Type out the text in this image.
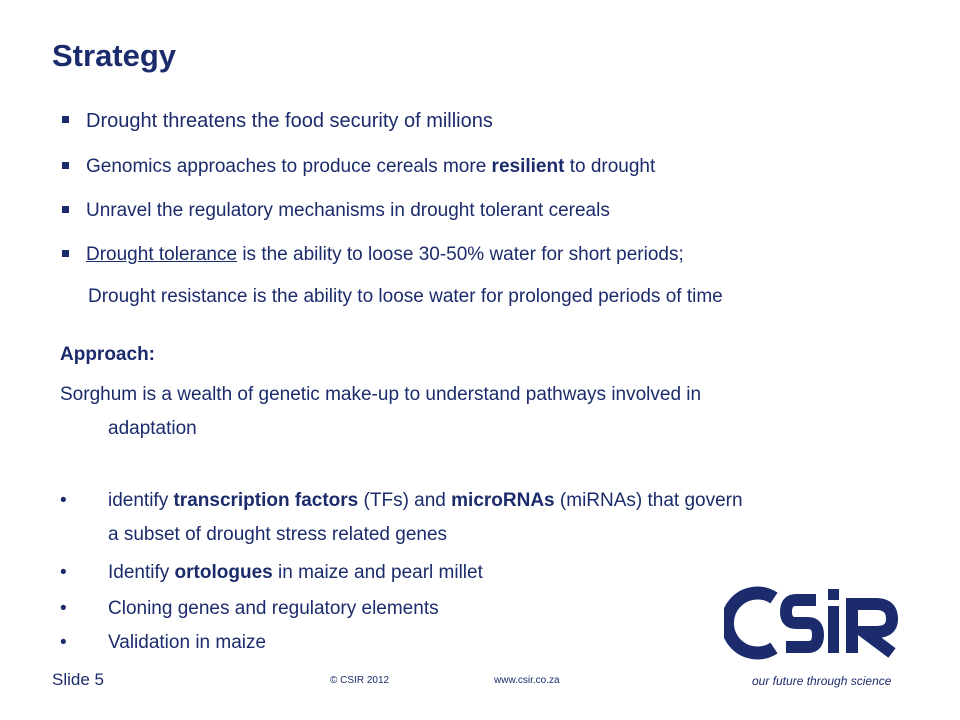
Strategy
Drought threatens the food security of millions
Genomics approaches to produce cereals more resilient to drought
Unravel the regulatory mechanisms in drought tolerant cereals
Drought tolerance is the ability to loose 30-50% water for short periods;
Drought resistance is the ability to loose water for prolonged periods of time
Approach:
Sorghum is a wealth of genetic make-up to understand pathways involved in
adaptation
• identify transcription factors (TFs) and microRNAs (miRNAs) that govern
a subset of drought stress related genes
• Identify ortologues in maize and pearl millet
• Cloning genes and regulatory elements
• Validation in maize
our future through science
Slide 5	© CSIR 2012	www.csir.co.za
